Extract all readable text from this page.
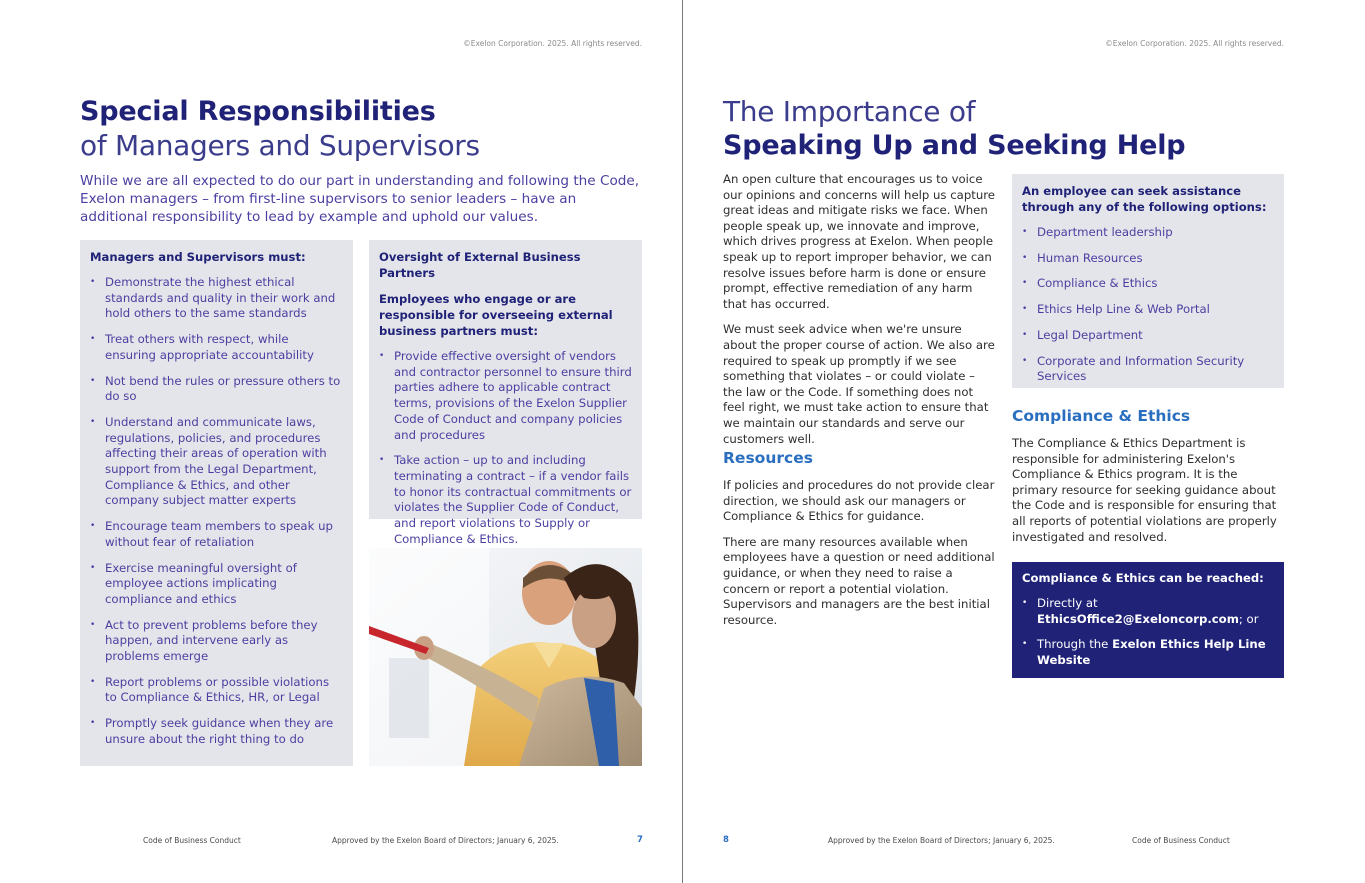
©Exelon Corporation. 2025. All rights reserved.
Special Responsibilities
of Managers and Supervisors

While we are all expected to do our part in understanding and following the Code, Exelon managers – from first-line supervisors to senior leaders – have an additional responsibility to lead by example and uphold our values.

Managers and Supervisors must:
• Demonstrate the highest ethical standards and quality in their work and hold others to the same standards
• Treat others with respect, while ensuring appropriate accountability
• Not bend the rules or pressure others to do so
• Understand and communicate laws, regulations, policies, and procedures affecting their areas of operation with support from the Legal Department, Compliance & Ethics, and other company subject matter experts
• Encourage team members to speak up without fear of retaliation
• Exercise meaningful oversight of employee actions implicating compliance and ethics
• Act to prevent problems before they happen, and intervene early as problems emerge
• Report problems or possible violations to Compliance & Ethics, HR, or Legal
• Promptly seek guidance when they are unsure about the right thing to do
Oversight of External Business Partners
Employees who engage or are responsible for overseeing external business partners must:
• Provide effective oversight of vendors and contractor personnel to ensure third parties adhere to applicable contract terms, provisions of the Exelon Supplier Code of Conduct and company policies and procedures
• Take action – up to and including terminating a contract – if a vendor fails to honor its contractual commitments or violates the Supplier Code of Conduct, and report violations to Supply or Compliance & Ethics.
Code of Business Conduct	Approved by the Exelon Board of Directors; January 6, 2025.	7
©Exelon Corporation. 2025. All rights reserved.
The Importance of
Speaking Up and Seeking Help

An open culture that encourages us to voice our opinions and concerns will help us capture great ideas and mitigate risks we face. When people speak up, we innovate and improve, which drives progress at Exelon. When people speak up to report improper behavior, we can resolve issues before harm is done or ensure prompt, effective remediation of any harm that has occurred.

We must seek advice when we're unsure about the proper course of action. We also are required to speak up promptly if we see something that violates – or could violate – the law or the Code. If something does not feel right, we must take action to ensure that we maintain our standards and serve our customers well.

Resources

If policies and procedures do not provide clear direction, we should ask our managers or Compliance & Ethics for guidance.

There are many resources available when employees have a question or need additional guidance, or when they need to raise a concern or report a potential violation. Supervisors and managers are the best initial resource.

An employee can seek assistance through any of the following options:
• Department leadership
• Human Resources
• Compliance & Ethics
• Ethics Help Line & Web Portal
• Legal Department
• Corporate and Information Security Services
Compliance & Ethics

The Compliance & Ethics Department is responsible for administering Exelon's Compliance & Ethics program. It is the primary resource for seeking guidance about the Code and is responsible for ensuring that all reports of potential violations are properly investigated and resolved.

Compliance & Ethics can be reached:
• Directly at EthicsOffice2@Exeloncorp.com; or
• Through the Exelon Ethics Help Line Website
8	Approved by the Exelon Board of Directors; January 6, 2025.	Code of Business Conduct
